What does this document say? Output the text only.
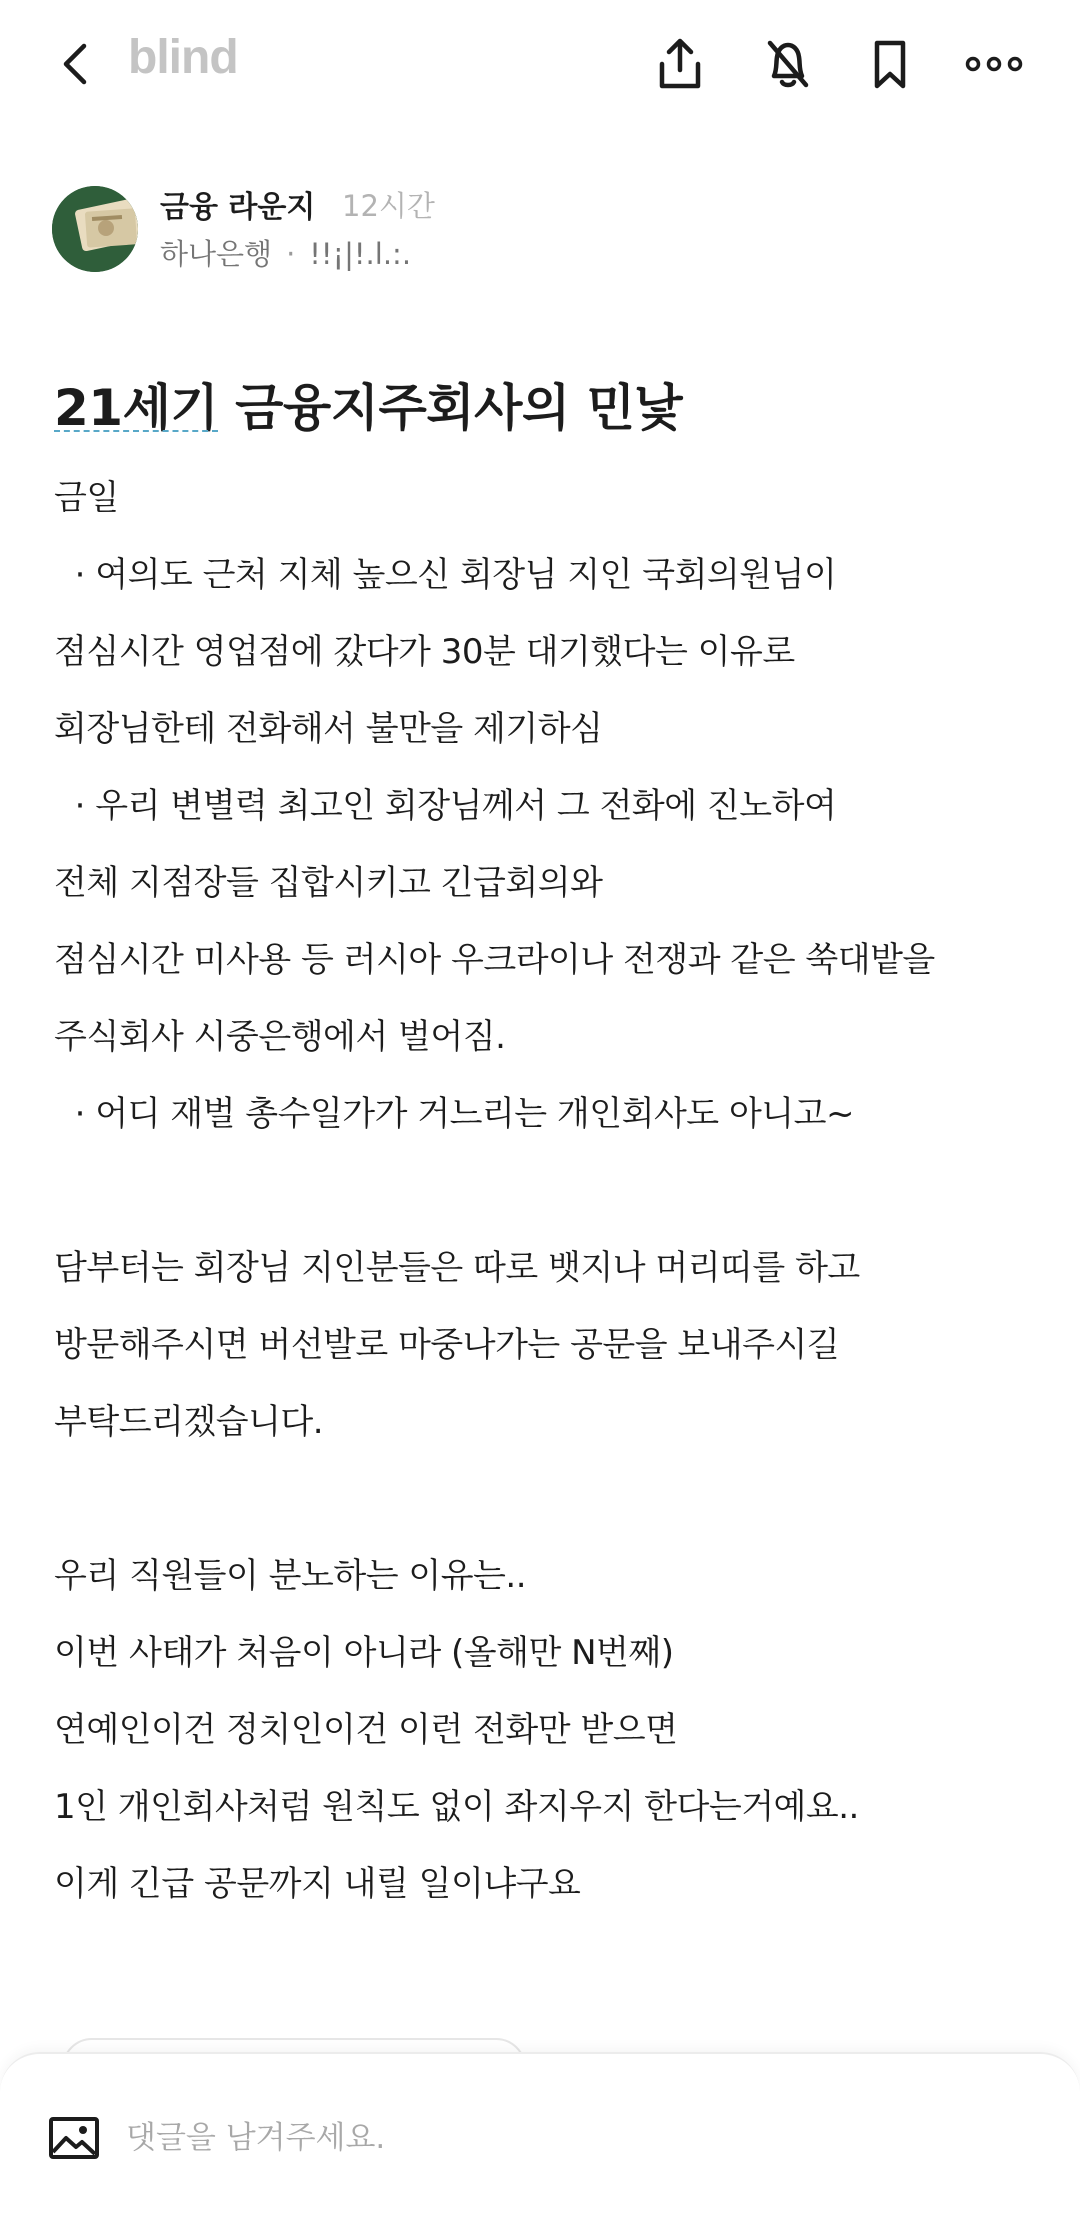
blind
금융 라운지 12시간
하나은행 · !!¡|!.l.:.
21세기 금융지주회사의 민낯
금일
· 여의도 근처 지체 높으신 회장님 지인 국회의원님이
점심시간 영업점에 갔다가 30분 대기했다는 이유로
회장님한테 전화해서 불만을 제기하심
· 우리 변별력 최고인 회장님께서 그 전화에 진노하여
전체 지점장들 집합시키고 긴급회의와
점심시간 미사용 등 러시아 우크라이나 전쟁과 같은 쑥대밭을
주식회사 시중은행에서 벌어짐.
· 어디 재벌 총수일가가 거느리는 개인회사도 아니고~
담부터는 회장님 지인분들은 따로 뱃지나 머리띠를 하고
방문해주시면 버선발로 마중나가는 공문을 보내주시길
부탁드리겠습니다.
우리 직원들이 분노하는 이유는..
이번 사태가 처음이 아니라 (올해만 N번째)
연예인이건 정치인이건 이런 전화만 받으면
1인 개인회사처럼 원칙도 없이 좌지우지 한다는거예요..
이게 긴급 공문까지 내릴 일이냐구요
댓글을 남겨주세요.
